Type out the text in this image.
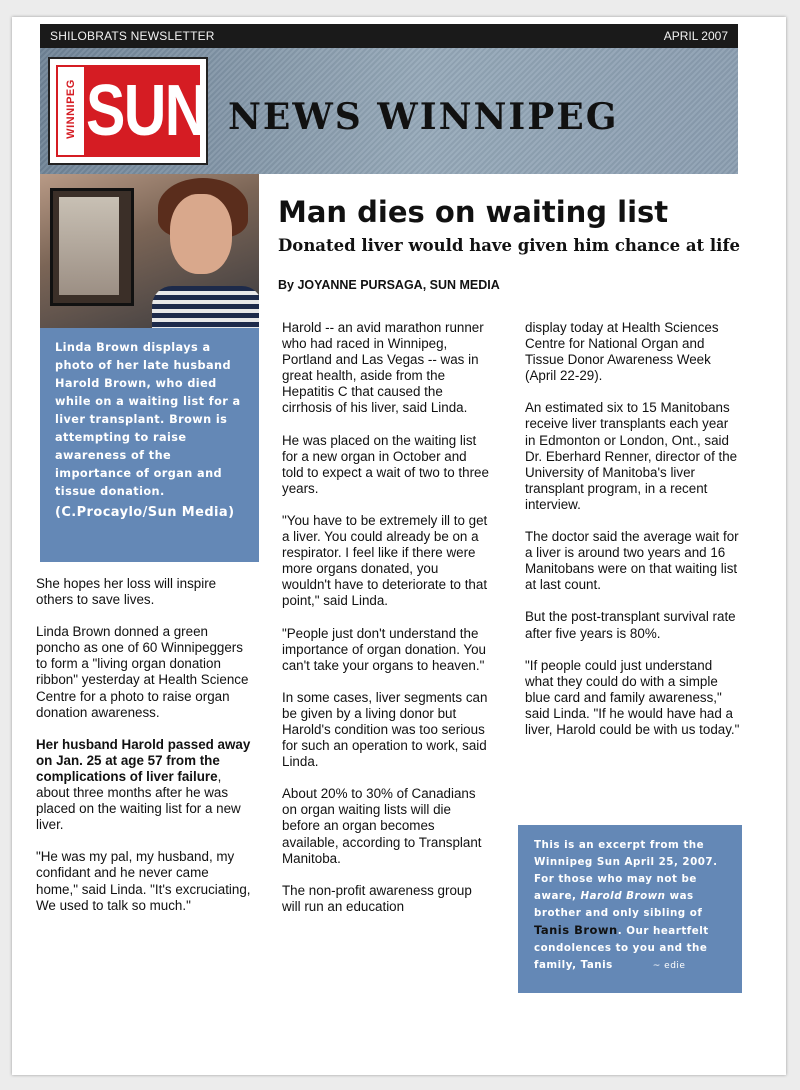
SHILOBRATS NEWSLETTER	APRIL 2007
WINNIPEG SUN NEWS WINNIPEG
Linda Brown displays a photo of her late husband Harold Brown, who died while on a waiting list for a liver transplant. Brown is attempting to raise awareness of the importance of organ and tissue donation.
(C.Procaylo/Sun Media)
Man dies on waiting list
Donated liver would have given him chance at life
By JOYANNE PURSAGA, SUN MEDIA

She hopes her loss will inspire others to save lives.

Linda Brown donned a green poncho as one of 60 Winnipeggers to form a "living organ donation ribbon" yesterday at Health Science Centre for a photo to raise organ donation awareness.

Her husband Harold passed away on Jan. 25 at age 57 from the complications of liver failure, about three months after he was placed on the waiting list for a new liver.

"He was my pal, my husband, my confidant and he never came home," said Linda. "It's excruciating, We used to talk so much."

Harold -- an avid marathon runner who had raced in Winnipeg, Portland and Las Vegas -- was in great health, aside from the Hepatitis C that caused the cirrhosis of his liver, said Linda.

He was placed on the waiting list for a new organ in October and told to expect a wait of two to three years.

"You have to be extremely ill to get a liver. You could already be on a respirator. I feel like if there were more organs donated, you wouldn't have to deteriorate to that point," said Linda.

"People just don't understand the importance of organ donation. You can't take your organs to heaven."

In some cases, liver segments can be given by a living donor but Harold's condition was too serious for such an operation to work, said Linda.

About 20% to 30% of Canadians on organ waiting lists will die before an organ becomes available, according to Transplant Manitoba.

The non-profit awareness group will run an education

display today at Health Sciences Centre for National Organ and Tissue Donor Awareness Week (April 22-29).

An estimated six to 15 Manitobans receive liver transplants each year in Edmonton or London, Ont., said Dr. Eberhard Renner, director of the University of Manitoba's liver transplant program, in a recent interview.

The doctor said the average wait for a liver is around two years and 16 Manitobans were on that waiting list at last count.

But the post-transplant survival rate after five years is 80%.

"If people could just understand what they could do with a simple blue card and family awareness," said Linda. "If he would have had a liver, Harold could be with us today."

This is an excerpt from the Winnipeg Sun April 25, 2007. For those who may not be aware, Harold Brown was brother and only sibling of Tanis Brown. Our heartfelt condolences to you and the family, Tanis	~ edie
